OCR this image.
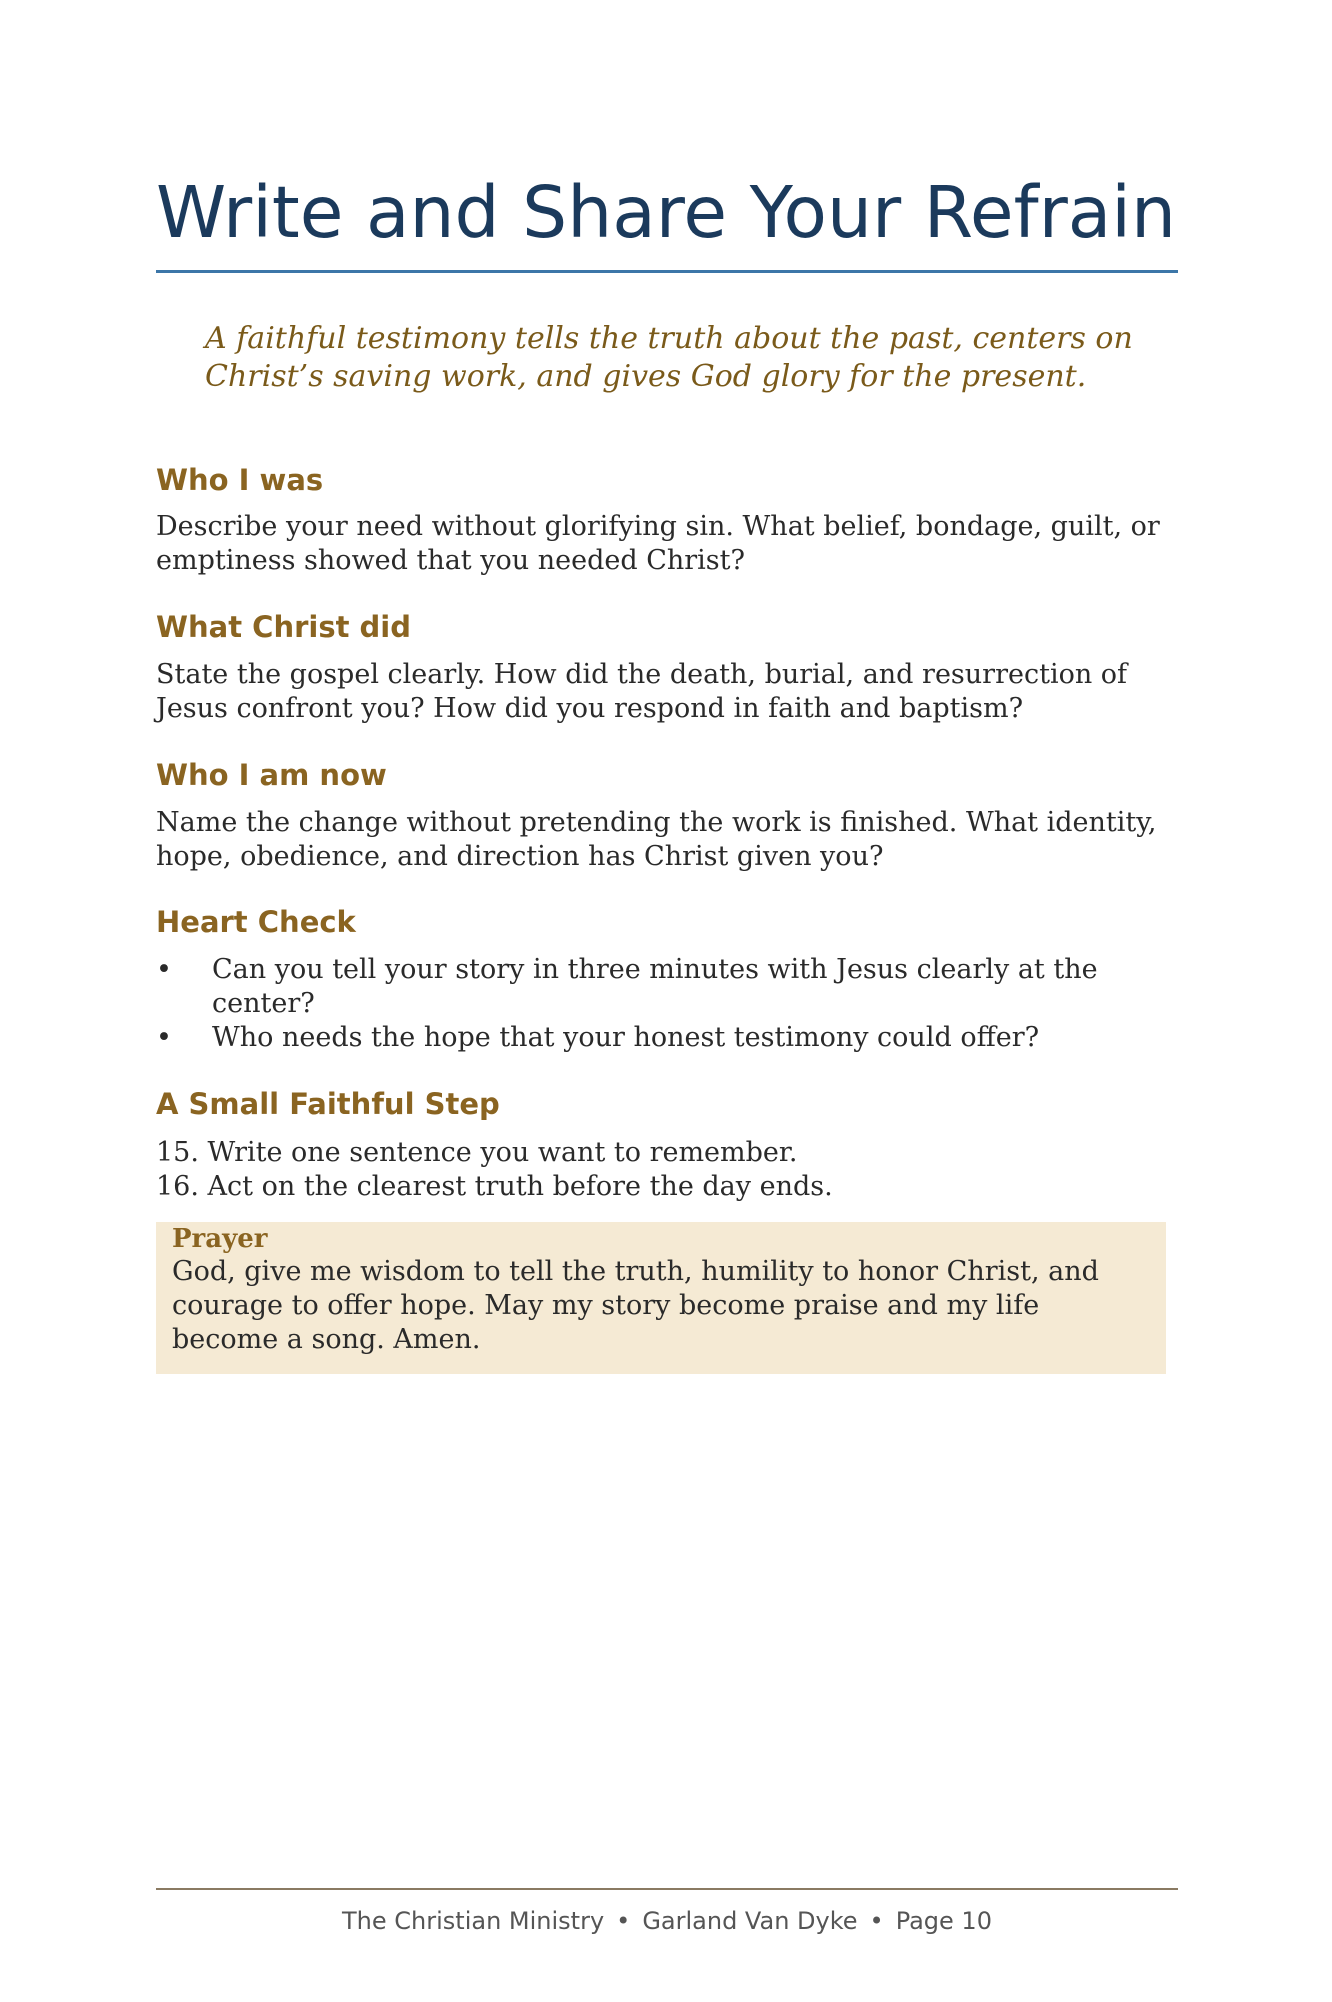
Write and Share Your Refrain

A faithful testimony tells the truth about the past, centers on Christ’s saving work, and gives God glory for the present.

Who I was

Describe your need without glorifying sin. What belief, bondage, guilt, or emptiness showed that you needed Christ?

What Christ did

State the gospel clearly. How did the death, burial, and resurrection of Jesus confront you? How did you respond in faith and baptism?

Who I am now

Name the change without pretending the work is finished. What identity, hope, obedience, and direction has Christ given you?

Heart Check
• Can you tell your story in three minutes with Jesus clearly at the center?
• Who needs the hope that your honest testimony could offer?
A Small Faithful Step
15. Write one sentence you want to remember.
16. Act on the clearest truth before the day ends.

Prayer

God, give me wisdom to tell the truth, humility to honor Christ, and courage to offer hope. May my story become praise and my life become a song. Amen.

The Christian Ministry • Garland Van Dyke • Page 10
